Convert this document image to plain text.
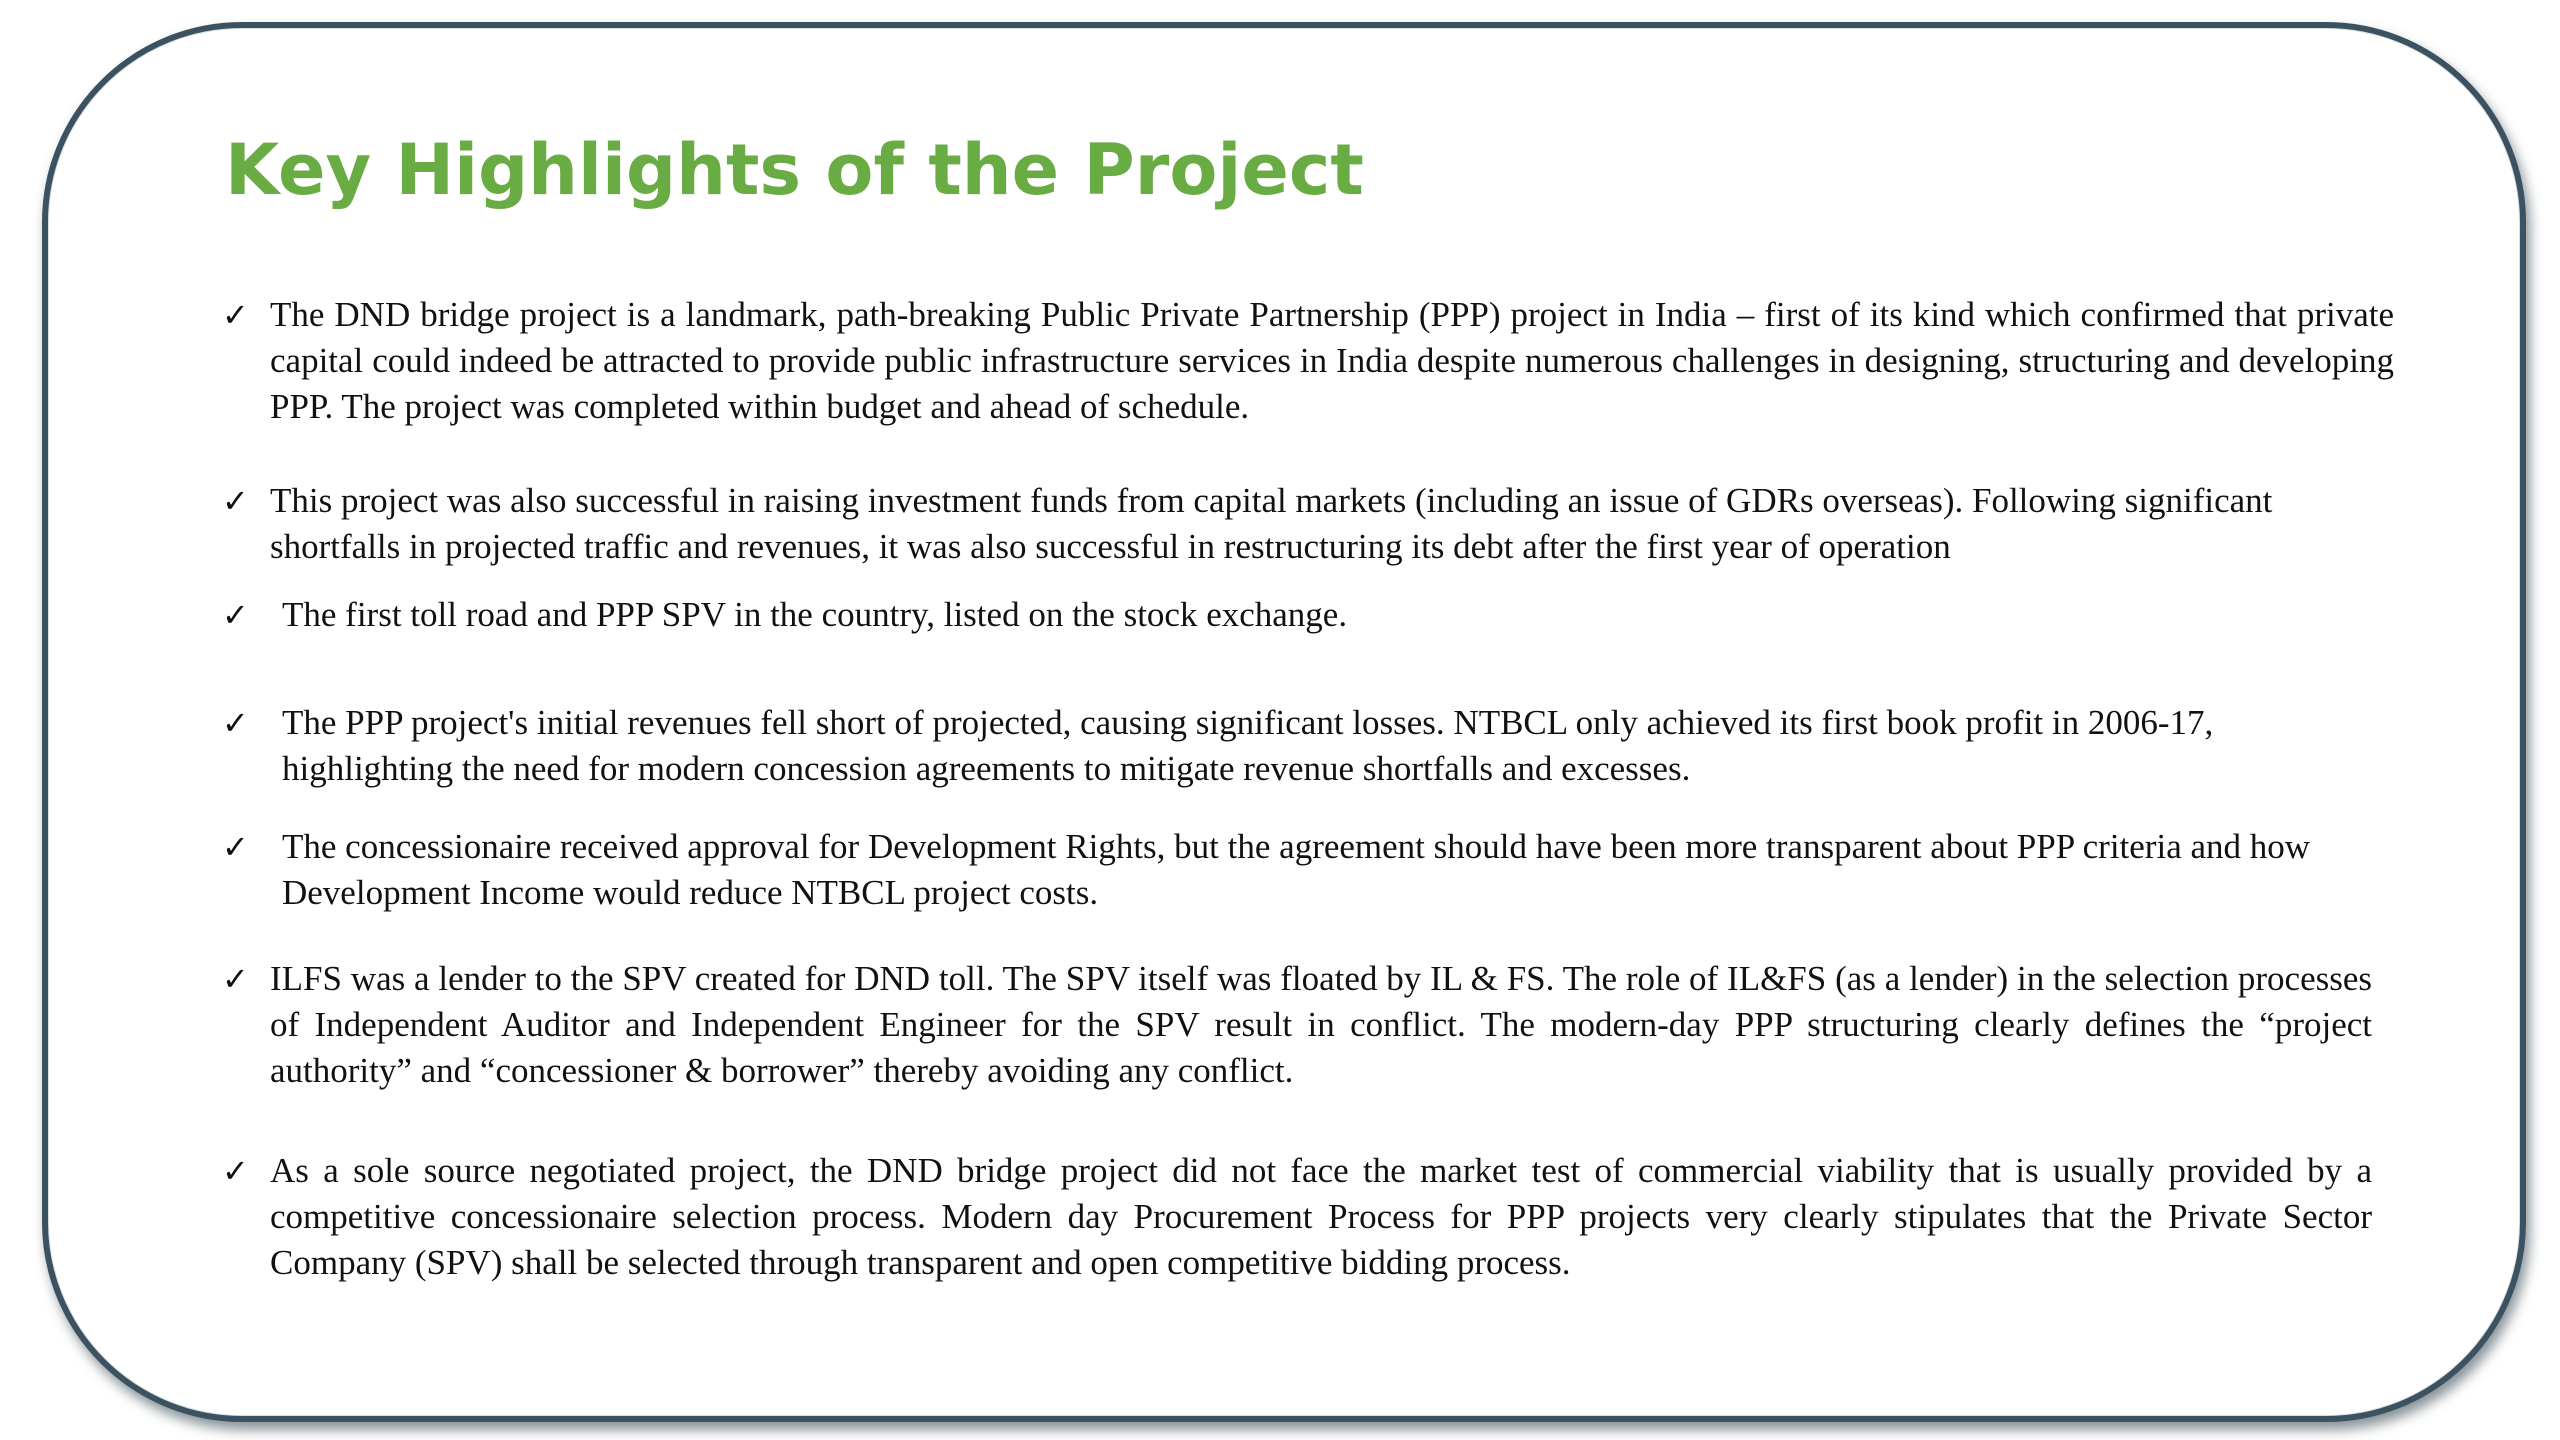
Key Highlights of the Project
✓ The DND bridge project is a landmark, path-breaking Public Private Partnership (PPP) project in India – first of its kind which confirmed that private capital could indeed be attracted to provide public infrastructure services in India despite numerous challenges in designing, structuring and developing PPP. The project was completed within budget and ahead of schedule.
✓ This project was also successful in raising investment funds from capital markets (including an issue of GDRs overseas). Following significant shortfalls in projected traffic and revenues, it was also successful in restructuring its debt after the first year of operation
✓ The first toll road and PPP SPV in the country, listed on the stock exchange.
✓ The PPP project's initial revenues fell short of projected, causing significant losses. NTBCL only achieved its first book profit in 2006-17, highlighting the need for modern concession agreements to mitigate revenue shortfalls and excesses.
✓ The concessionaire received approval for Development Rights, but the agreement should have been more transparent about PPP criteria and how Development Income would reduce NTBCL project costs.
✓ ILFS was a lender to the SPV created for DND toll. The SPV itself was floated by IL & FS. The role of IL&FS (as a lender) in the selection processes of Independent Auditor and Independent Engineer for the SPV result in conflict. The modern-day PPP structuring clearly defines the “project authority” and “concessioner & borrower” thereby avoiding any conflict.
✓ As a sole source negotiated project, the DND bridge project did not face the market test of commercial viability that is usually provided by a competitive concessionaire selection process. Modern day Procurement Process for PPP projects very clearly stipulates that the Private Sector Company (SPV) shall be selected through transparent and open competitive bidding process.
